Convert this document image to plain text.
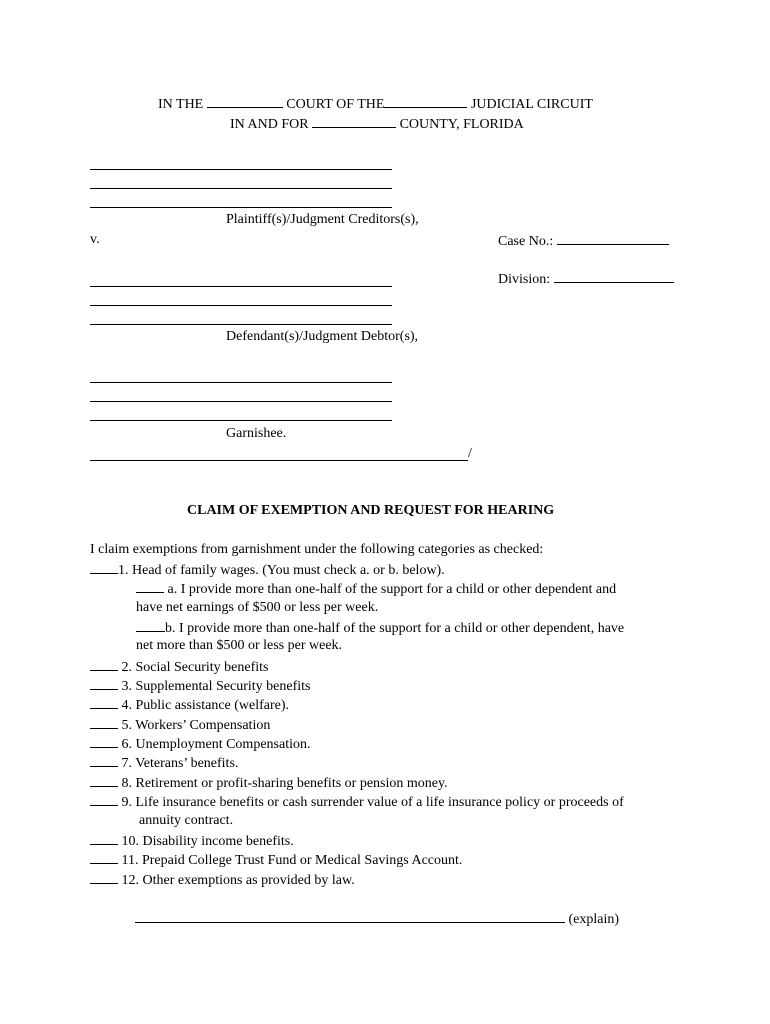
IN THE	COURT OF THE	JUDICIAL CIRCUIT
IN AND FOR	COUNTY, FLORIDA
Plaintiff(s)/Judgment Creditors(s),
v.	Case No.:
Division:
Defendant(s)/Judgment Debtor(s),
Garnishee.
/
CLAIM OF EXEMPTION AND REQUEST FOR HEARING
I claim exemptions from garnishment under the following categories as checked:
1. Head of family wages. (You must check a. or b. below).
a. I provide more than one-half of the support for a child or other dependent and
have net earnings of $500 or less per week.
b. I provide more than one-half of the support for a child or other dependent, have
net more than $500 or less per week.
2. Social Security benefits
3. Supplemental Security benefits
4. Public assistance (welfare).
5. Workers’ Compensation
6. Unemployment Compensation.
7. Veterans’ benefits.
8. Retirement or profit-sharing benefits or pension money.
9. Life insurance benefits or cash surrender value of a life insurance policy or proceeds of
annuity contract.
10. Disability income benefits.
11. Prepaid College Trust Fund or Medical Savings Account.
12. Other exemptions as provided by law.
(explain)
